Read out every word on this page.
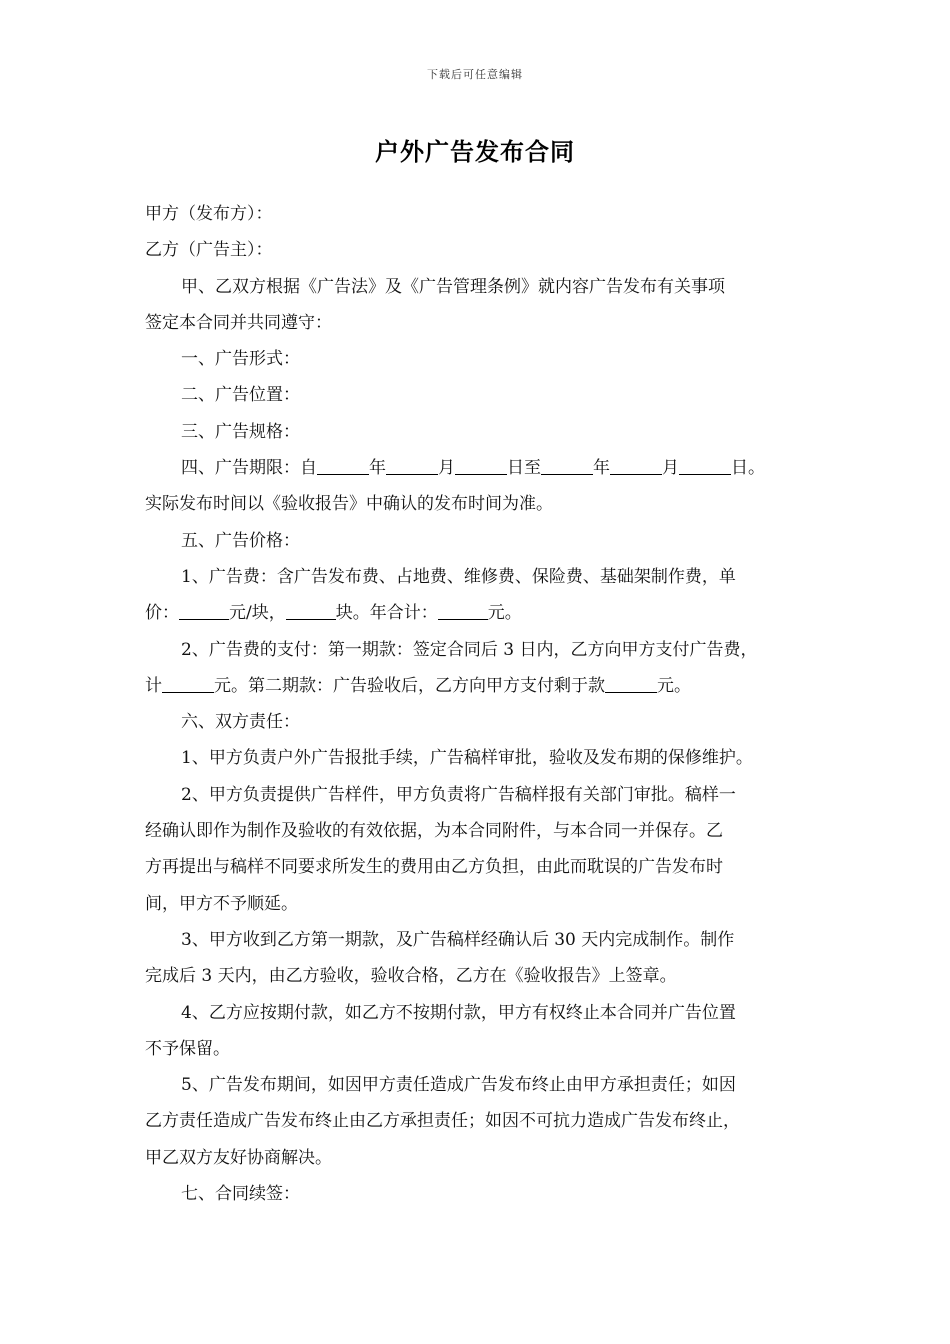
下载后可任意编辑
户外广告发布合同
甲方（发布方）：
乙方（广告主）：
甲、乙双方根据《广告法》及《广告管理条例》就内容广告发布有关事项
签定本合同并共同遵守：
一、广告形式：
二、广告位置：
三、广告规格：
四、广告期限：自	年	月	日至	年	月	日。
实际发布时间以《验收报告》中确认的发布时间为准。
五、广告价格：
1、广告费：含广告发布费、占地费、维修费、保险费、基础架制作费，单
价：	元/块，	块。年合计：	元。
2、广告费的支付：第一期款：签定合同后 3 日内，乙方向甲方支付广告费，
计	元。第二期款：广告验收后，乙方向甲方支付剩于款	元。
六、双方责任：
1、甲方负责户外广告报批手续，广告稿样审批，验收及发布期的保修维护。
2、甲方负责提供广告样件，甲方负责将广告稿样报有关部门审批。稿样一
经确认即作为制作及验收的有效依据，为本合同附件，与本合同一并保存。乙
方再提出与稿样不同要求所发生的费用由乙方负担，由此而耽误的广告发布时
间，甲方不予顺延。
3、甲方收到乙方第一期款，及广告稿样经确认后 30 天内完成制作。制作
完成后 3 天内，由乙方验收，验收合格，乙方在《验收报告》上签章。
4、乙方应按期付款，如乙方不按期付款，甲方有权终止本合同并广告位置
不予保留。
5、广告发布期间，如因甲方责任造成广告发布终止由甲方承担责任；如因
乙方责任造成广告发布终止由乙方承担责任；如因不可抗力造成广告发布终止，
甲乙双方友好协商解决。
七、合同续签：
